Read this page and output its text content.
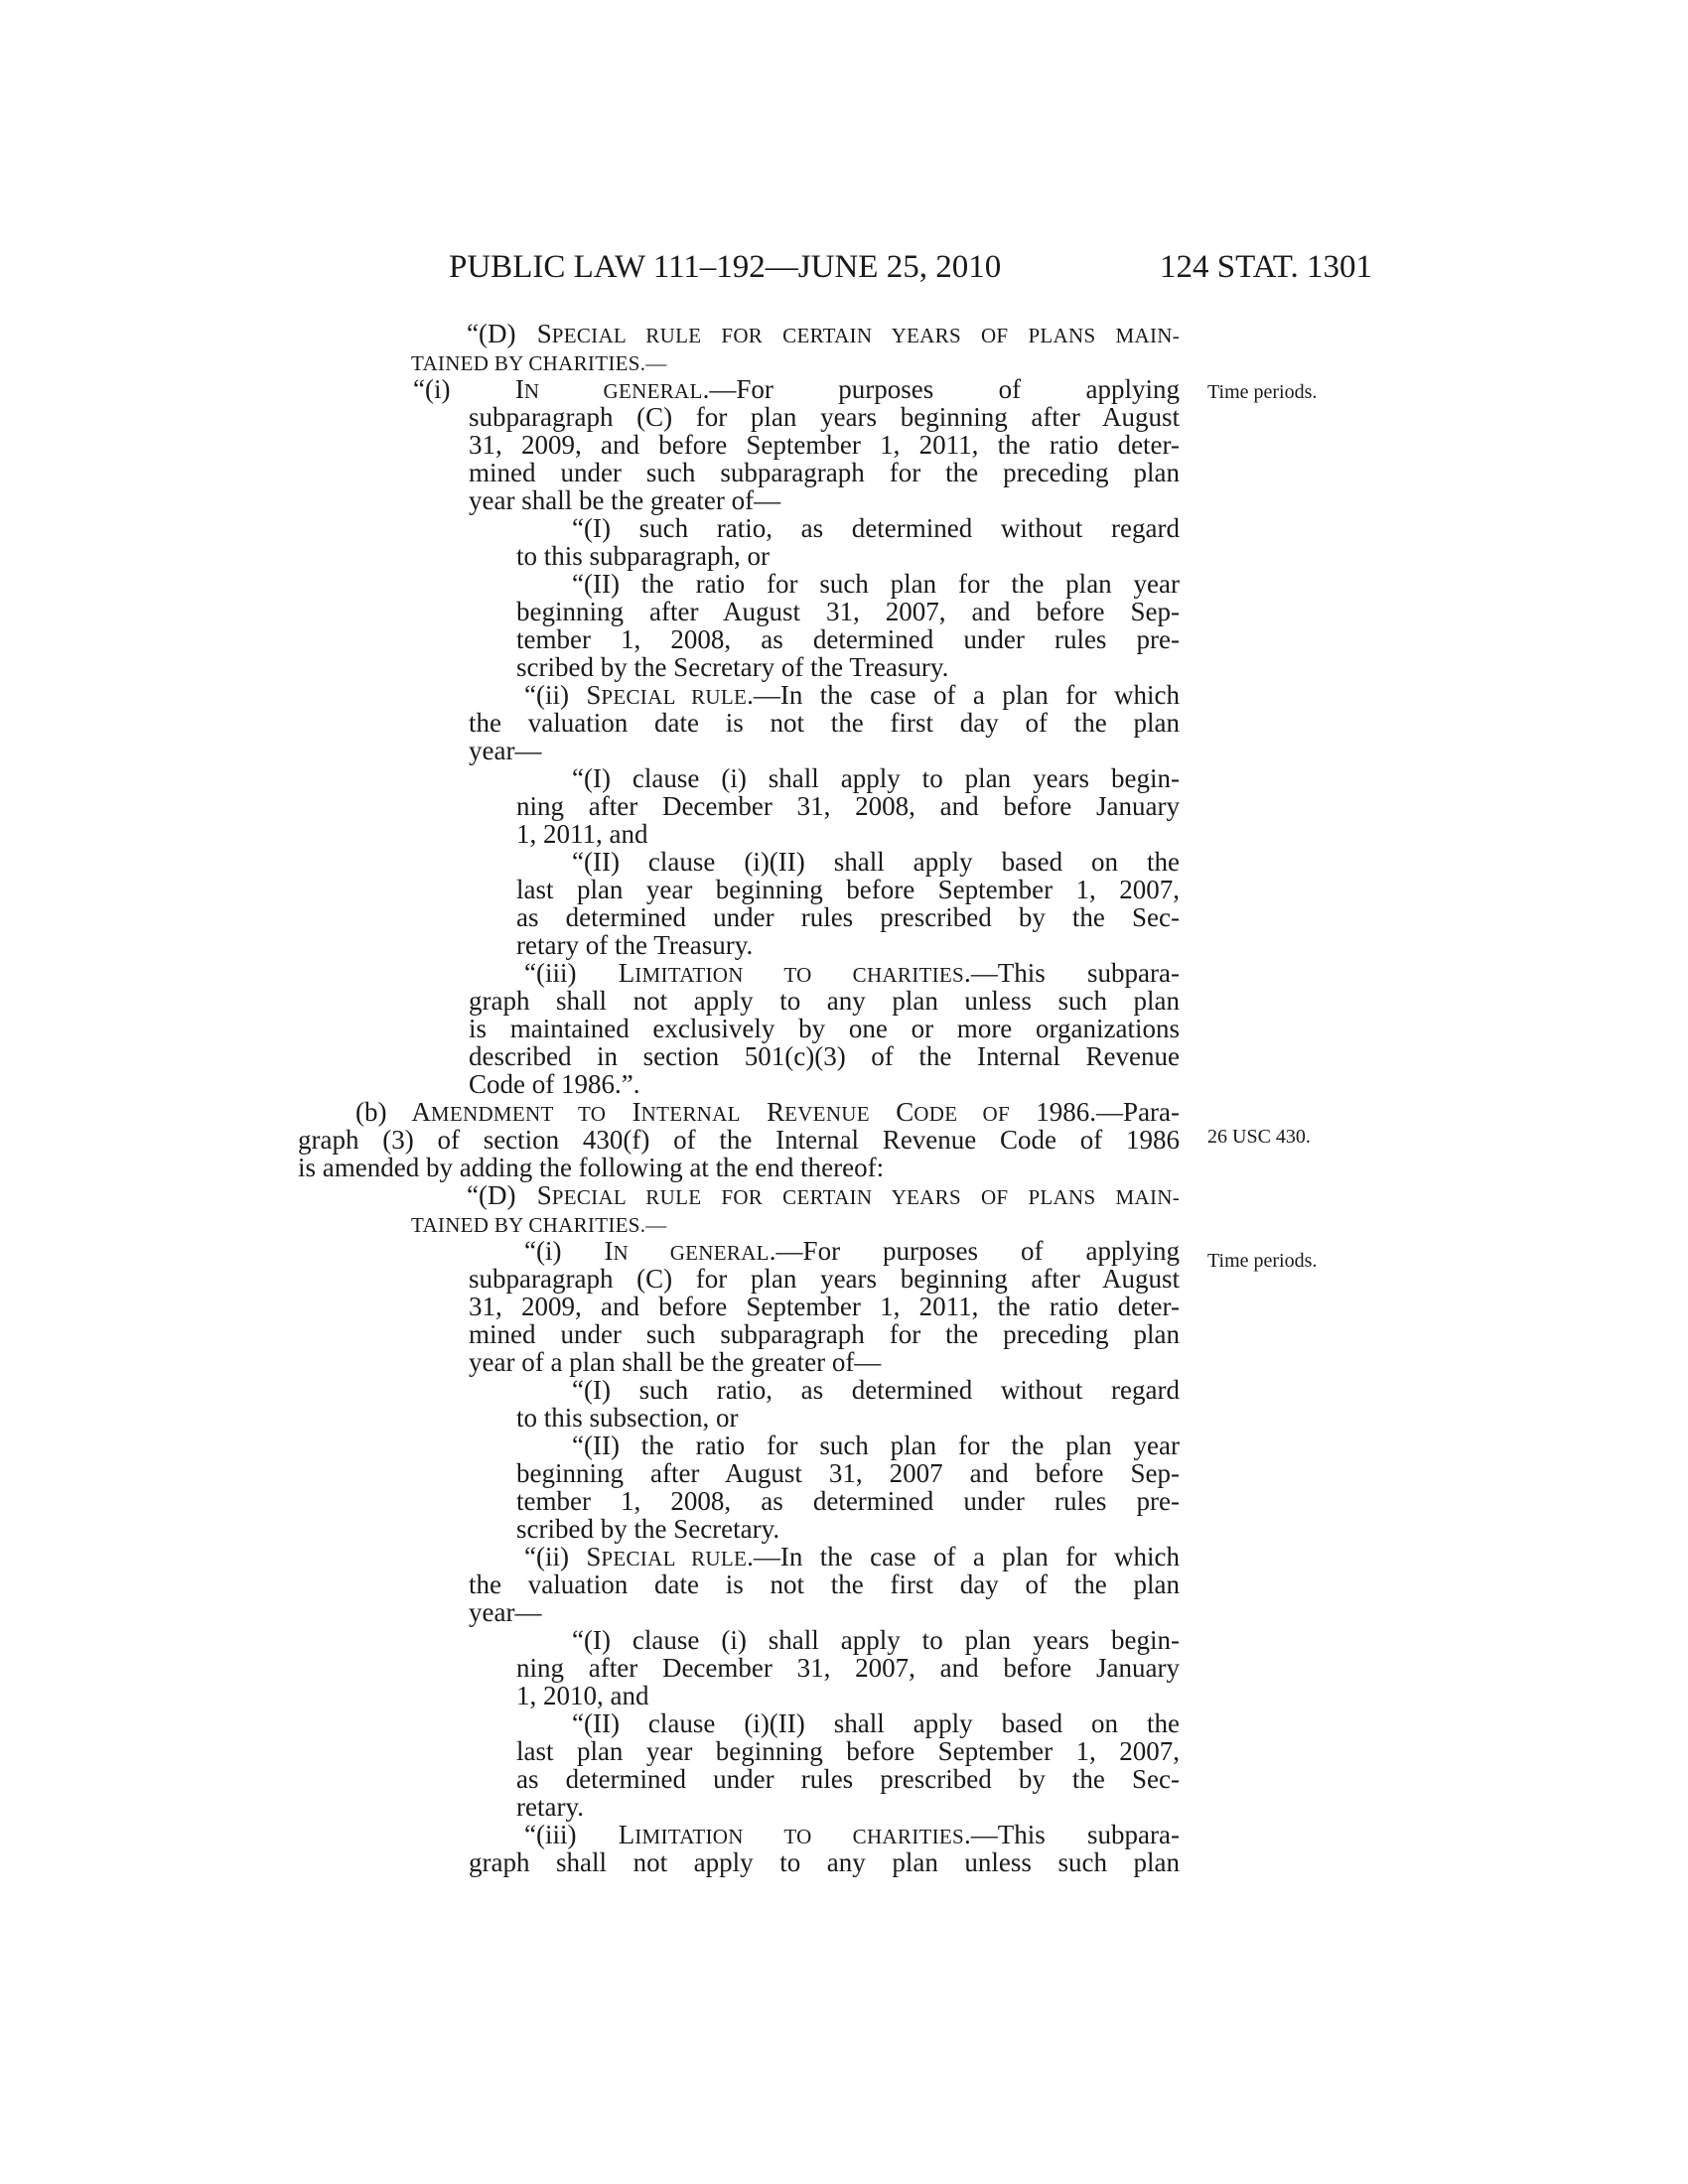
PUBLIC LAW 111–192—JUNE 25, 2010	124 STAT. 1301
Time periods.
26 USC 430.
Time periods.
“(D) SPECIAL RULE FOR CERTAIN YEARS OF PLANS MAIN-
TAINED BY CHARITIES.—
“(i) IN GENERAL.—For purposes of applying
subparagraph (C) for plan years beginning after August
31, 2009, and before September 1, 2011, the ratio deter-
mined under such subparagraph for the preceding plan
year shall be the greater of—
“(I) such ratio, as determined without regard
to this subparagraph, or
“(II) the ratio for such plan for the plan year
beginning after August 31, 2007, and before Sep-
tember 1, 2008, as determined under rules pre-
scribed by the Secretary of the Treasury.
“(ii) SPECIAL RULE.—In the case of a plan for which
the valuation date is not the first day of the plan
year—
“(I) clause (i) shall apply to plan years begin-
ning after December 31, 2008, and before January
1, 2011, and
“(II) clause (i)(II) shall apply based on the
last plan year beginning before September 1, 2007,
as determined under rules prescribed by the Sec-
retary of the Treasury.
“(iii) LIMITATION TO CHARITIES.—This subpara-
graph shall not apply to any plan unless such plan
is maintained exclusively by one or more organizations
described in section 501(c)(3) of the Internal Revenue
Code of 1986.”.
(b) AMENDMENT TO INTERNAL REVENUE CODE OF 1986.—Para-
graph (3) of section 430(f) of the Internal Revenue Code of 1986
is amended by adding the following at the end thereof:
“(D) SPECIAL RULE FOR CERTAIN YEARS OF PLANS MAIN-
TAINED BY CHARITIES.—
“(i) IN GENERAL.—For purposes of applying
subparagraph (C) for plan years beginning after August
31, 2009, and before September 1, 2011, the ratio deter-
mined under such subparagraph for the preceding plan
year of a plan shall be the greater of—
“(I) such ratio, as determined without regard
to this subsection, or
“(II) the ratio for such plan for the plan year
beginning after August 31, 2007 and before Sep-
tember 1, 2008, as determined under rules pre-
scribed by the Secretary.
“(ii) SPECIAL RULE.—In the case of a plan for which
the valuation date is not the first day of the plan
year—
“(I) clause (i) shall apply to plan years begin-
ning after December 31, 2007, and before January
1, 2010, and
“(II) clause (i)(II) shall apply based on the
last plan year beginning before September 1, 2007,
as determined under rules prescribed by the Sec-
retary.
“(iii) LIMITATION TO CHARITIES.—This subpara-
graph shall not apply to any plan unless such plan
